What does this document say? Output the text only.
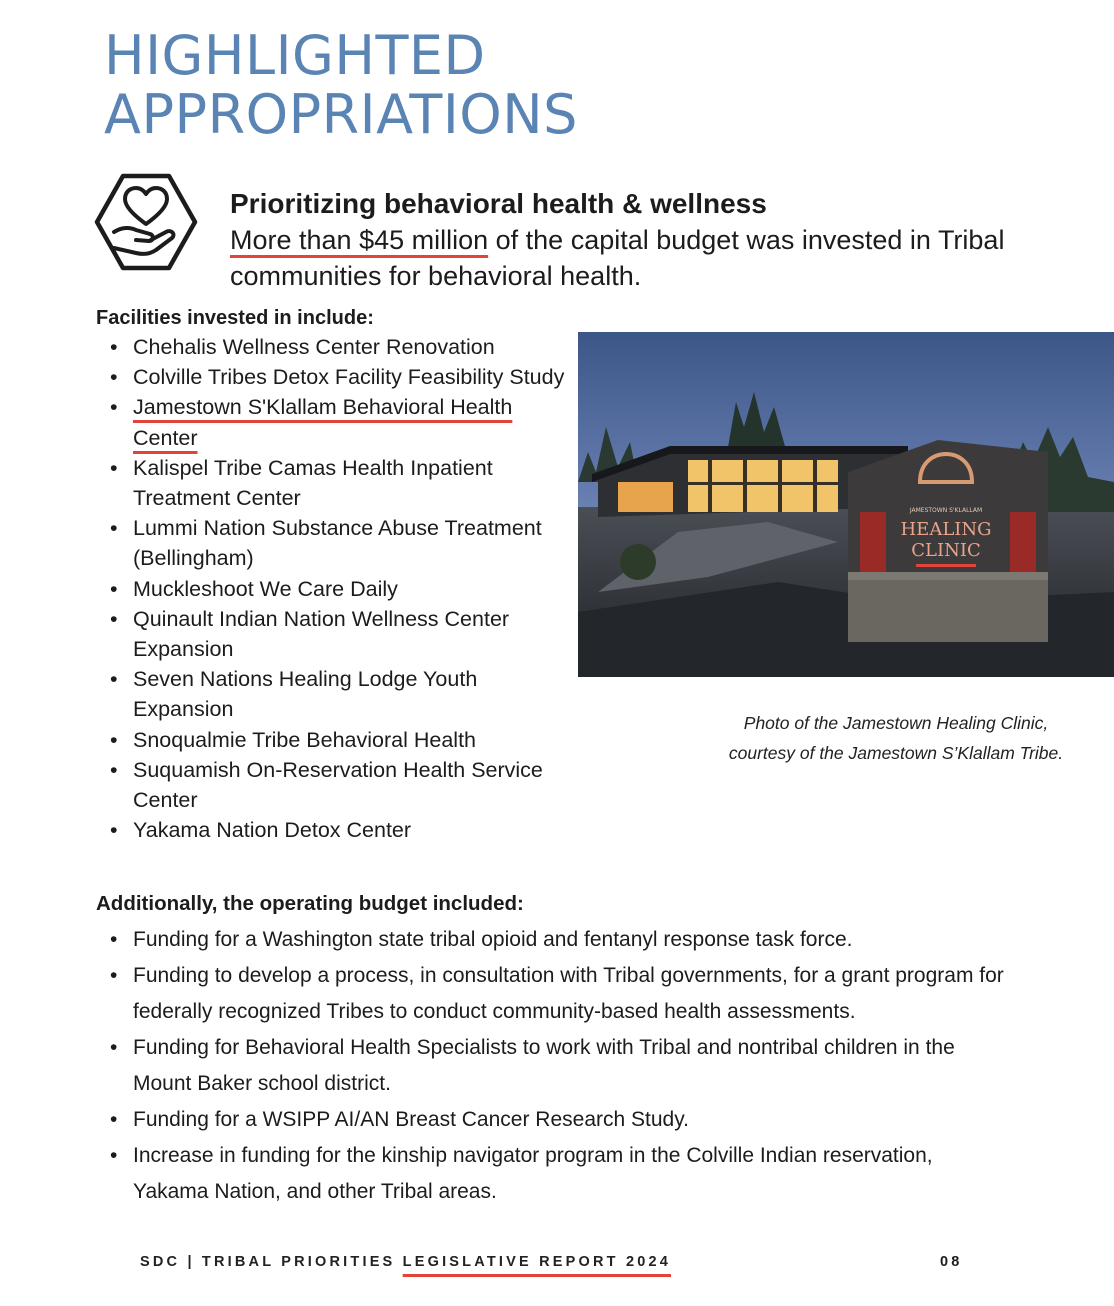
HIGHLIGHTED
APPROPRIATIONS
Prioritizing behavioral health & wellness
More than $45 million of the capital budget was invested in Tribal communities for behavioral health.
Facilities invested in include:
• Chehalis Wellness Center Renovation
• Colville Tribes Detox Facility Feasibility Study
• Jamestown S'Klallam Behavioral Health Center
• Kalispel Tribe Camas Health Inpatient Treatment Center
• Lummi Nation Substance Abuse Treatment (Bellingham)
• Muckleshoot We Care Daily
• Quinault Indian Nation Wellness Center Expansion
• Seven Nations Healing Lodge Youth Expansion
• Snoqualmie Tribe Behavioral Health
• Suquamish On-Reservation Health Service Center
• Yakama Nation Detox Center
JAMESTOWN S'KLALLAM
HEALING
CLINIC
Photo of the Jamestown Healing Clinic,
courtesy of the Jamestown S’Klallam Tribe.
Additionally, the operating budget included:
• Funding for a Washington state tribal opioid and fentanyl response task force.
• Funding to develop a process, in consultation with Tribal governments, for a grant program for federally recognized Tribes to conduct community-based health assessments.
• Funding for Behavioral Health Specialists to work with Tribal and nontribal children in the Mount Baker school district.
• Funding for a WSIPP AI/AN Breast Cancer Research Study.
• Increase in funding for the kinship navigator program in the Colville Indian reservation, Yakama Nation, and other Tribal areas.
SDC | TRIBAL PRIORITIES LEGISLATIVE REPORT 2024	08
